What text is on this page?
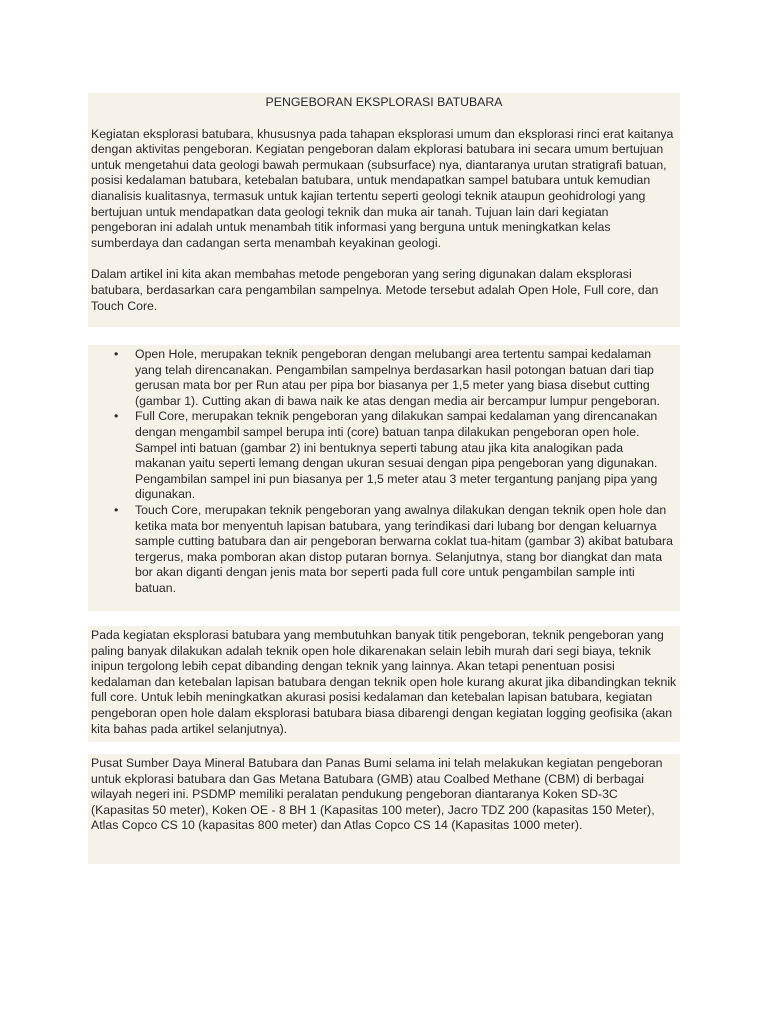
PENGEBORAN EKSPLORASI BATUBARA

Kegiatan eksplorasi batubara, khususnya pada tahapan eksplorasi umum dan eksplorasi rinci erat kaitanya dengan aktivitas pengeboran. Kegiatan pengeboran dalam ekplorasi batubara ini secara umum bertujuan untuk mengetahui data geologi bawah permukaan (subsurface) nya, diantaranya urutan stratigrafi batuan, posisi kedalaman batubara, ketebalan batubara, untuk mendapatkan sampel batubara untuk kemudian dianalisis kualitasnya, termasuk untuk kajian tertentu seperti geologi teknik ataupun geohidrologi yang bertujuan untuk mendapatkan data geologi teknik dan muka air tanah. Tujuan lain dari kegiatan pengeboran ini adalah untuk menambah titik informasi yang berguna untuk meningkatkan kelas sumberdaya dan cadangan serta menambah keyakinan geologi.

Dalam artikel ini kita akan membahas metode pengeboran yang sering digunakan dalam eksplorasi batubara, berdasarkan cara pengambilan sampelnya. Metode tersebut adalah Open Hole, Full core, dan Touch Core.

• Open Hole, merupakan teknik pengeboran dengan melubangi area tertentu sampai kedalaman yang telah direncanakan. Pengambilan sampelnya berdasarkan hasil potongan batuan dari tiap gerusan mata bor per Run atau per pipa bor biasanya per 1,5 meter yang biasa disebut cutting (gambar 1). Cutting akan di bawa naik ke atas dengan media air bercampur lumpur pengeboran.
• Full Core, merupakan teknik pengeboran yang dilakukan sampai kedalaman yang direncanakan dengan mengambil sampel berupa inti (core) batuan tanpa dilakukan pengeboran open hole. Sampel inti batuan (gambar 2) ini bentuknya seperti tabung atau jika kita analogikan pada makanan yaitu seperti lemang dengan ukuran sesuai dengan pipa pengeboran yang digunakan. Pengambilan sampel ini pun biasanya per 1,5 meter atau 3 meter tergantung panjang pipa yang digunakan.
• Touch Core, merupakan teknik pengeboran yang awalnya dilakukan dengan teknik open hole dan ketika mata bor menyentuh lapisan batubara, yang terindikasi dari lubang bor dengan keluarnya sample cutting batubara dan air pengeboran berwarna coklat tua-hitam (gambar 3) akibat batubara tergerus, maka pomboran akan distop putaran bornya. Selanjutnya, stang bor diangkat dan mata bor akan diganti dengan jenis mata bor seperti pada full core untuk pengambilan sample inti batuan.

Pada kegiatan eksplorasi batubara yang membutuhkan banyak titik pengeboran, teknik pengeboran yang paling banyak dilakukan adalah teknik open hole dikarenakan selain lebih murah dari segi biaya, teknik inipun tergolong lebih cepat dibanding dengan teknik yang lainnya. Akan tetapi penentuan posisi kedalaman dan ketebalan lapisan batubara dengan teknik open hole kurang akurat jika dibandingkan teknik full core. Untuk lebih meningkatkan akurasi posisi kedalaman dan ketebalan lapisan batubara, kegiatan pengeboran open hole dalam eksplorasi batubara biasa dibarengi dengan kegiatan logging geofisika (akan kita bahas pada artikel selanjutnya).

Pusat Sumber Daya Mineral Batubara dan Panas Bumi selama ini telah melakukan kegiatan pengeboran untuk ekplorasi batubara dan Gas Metana Batubara (GMB) atau Coalbed Methane (CBM) di berbagai wilayah negeri ini. PSDMP memiliki peralatan pendukung pengeboran diantaranya Koken SD-3C (Kapasitas 50 meter), Koken OE - 8 BH 1 (Kapasitas 100 meter), Jacro TDZ 200 (kapasitas 150 Meter), Atlas Copco CS 10 (kapasitas 800 meter) dan Atlas Copco CS 14 (Kapasitas 1000 meter).
